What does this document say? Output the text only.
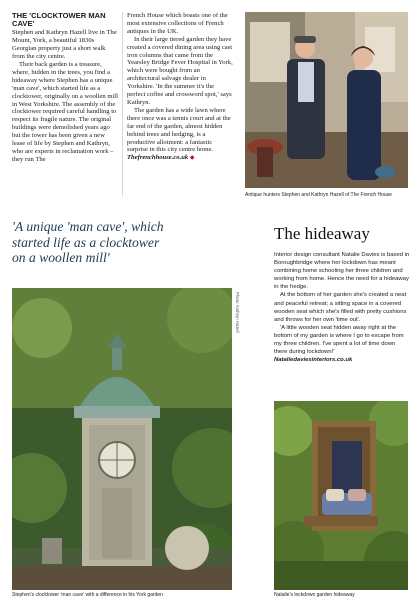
THE 'CLOCKTOWER MAN CAVE'

Stephen and Kathryn Hazell live in The Mount, York, a beautiful 1830s Georgian property just a short walk from the city centre.

Their back garden is a treasure, where, hidden in the trees, you find a hideaway where Stephen has a unique 'man cave', which started life as a clocktower, originally on a woollen mill in West Yorkshire. The assembly of the clocktower required careful handling to respect its fragile nature. The original buildings were demolished years ago but the tower has been given a new lease of life by Stephen and Kathryn, who are experts in reclamation work – they run The

French House which boasts one of the most extensive collections of French antiques in the UK.

In their large tiered garden they have created a covered dining area using cast iron columns that came from the Yearsley Bridge Fever Hospital in York, which were bought from an architectural salvage dealer in Yorkshire. 'In the summer it's the perfect coffee and crossword spot,' says Kathryn.

The garden has a wide lawn where there once was a tennis court and at the far end of the garden, almost hidden behind trees and hedging, is a productive allotment: a fantastic surprise in this city centre home.

Thefrenchhouse.co.uk ◆

Antique hunters Stephen and Kathryn Hazell of The French House
'A unique 'man cave', which
started life as a clocktower
on a woollen mill'
Photo: Kathryn Hazell
Stephen's clocktower 'man cave' with a difference in his York garden
The hideaway

Interior design consultant Natalie Davies is based in Boroughbridge where her lockdown has meant combining home schooling her three children and working from home. Hence the need for a hideaway in the hedge.

At the bottom of her garden she's created a neat and peaceful retreat; a sitting space in a covered wooden seat which she's filled with pretty cushions and throws for her own 'time out'.

'A little wooden seat hidden away right at the bottom of my garden is where I go to escape from my three children. I've spent a lot of time down there during lockdown!'

Nataliedaviesinteriors.co.uk

Natalie's lockdown garden hideaway
